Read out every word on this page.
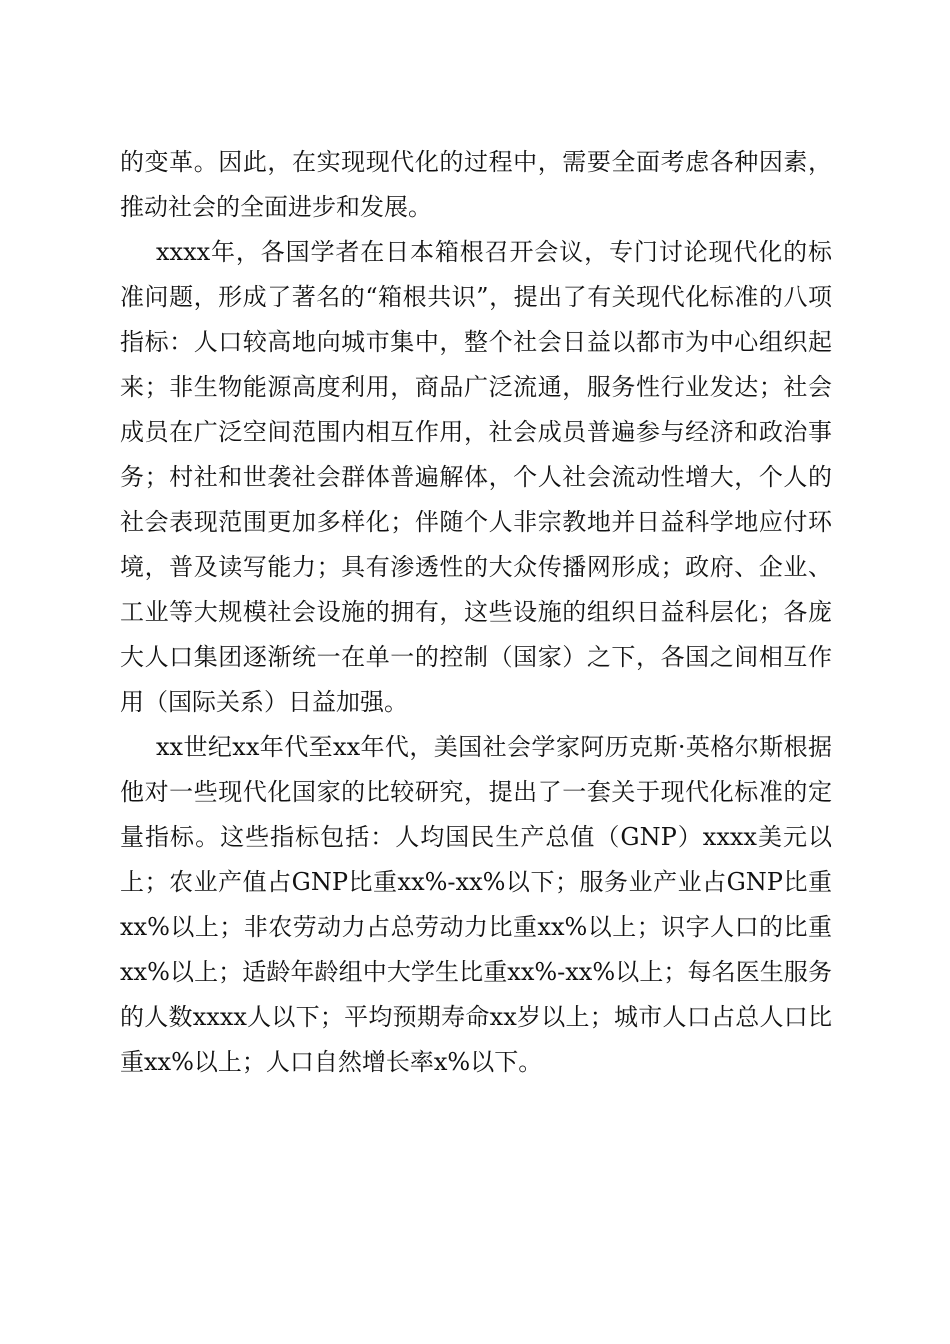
的变革。因此，在实现现代化的过程中，需要全面考虑各种因素，推动社会的全面进步和发展。

xxxx年，各国学者在日本箱根召开会议，专门讨论现代化的标准问题，形成了著名的“箱根共识”，提出了有关现代化标准的八项指标：人口较高地向城市集中，整个社会日益以都市为中心组织起来；非生物能源高度利用，商品广泛流通，服务性行业发达；社会成员在广泛空间范围内相互作用，社会成员普遍参与经济和政治事务；村社和世袭社会群体普遍解体，个人社会流动性增大，个人的社会表现范围更加多样化；伴随个人非宗教地并日益科学地应付环境，普及读写能力；具有渗透性的大众传播网形成；政府、企业、工业等大规模社会设施的拥有，这些设施的组织日益科层化；各庞大人口集团逐渐统一在单一的控制（国家）之下，各国之间相互作用（国际关系）日益加强。

xx世纪xx年代至xx年代，美国社会学家阿历克斯·英格尔斯根据他对一些现代化国家的比较研究，提出了一套关于现代化标准的定量指标。这些指标包括：人均国民生产总值（GNP）xxxx美元以上；农业产值占GNP比重xx%-xx%以下；服务业产业占GNP比重xx%以上；非农劳动力占总劳动力比重xx%以上；识字人口的比重xx%以上；适龄年龄组中大学生比重xx%-xx%以上；每名医生服务的人数xxxx人以下；平均预期寿命xx岁以上；城市人口占总人口比重xx%以上；人口自然增长率x%以下。
